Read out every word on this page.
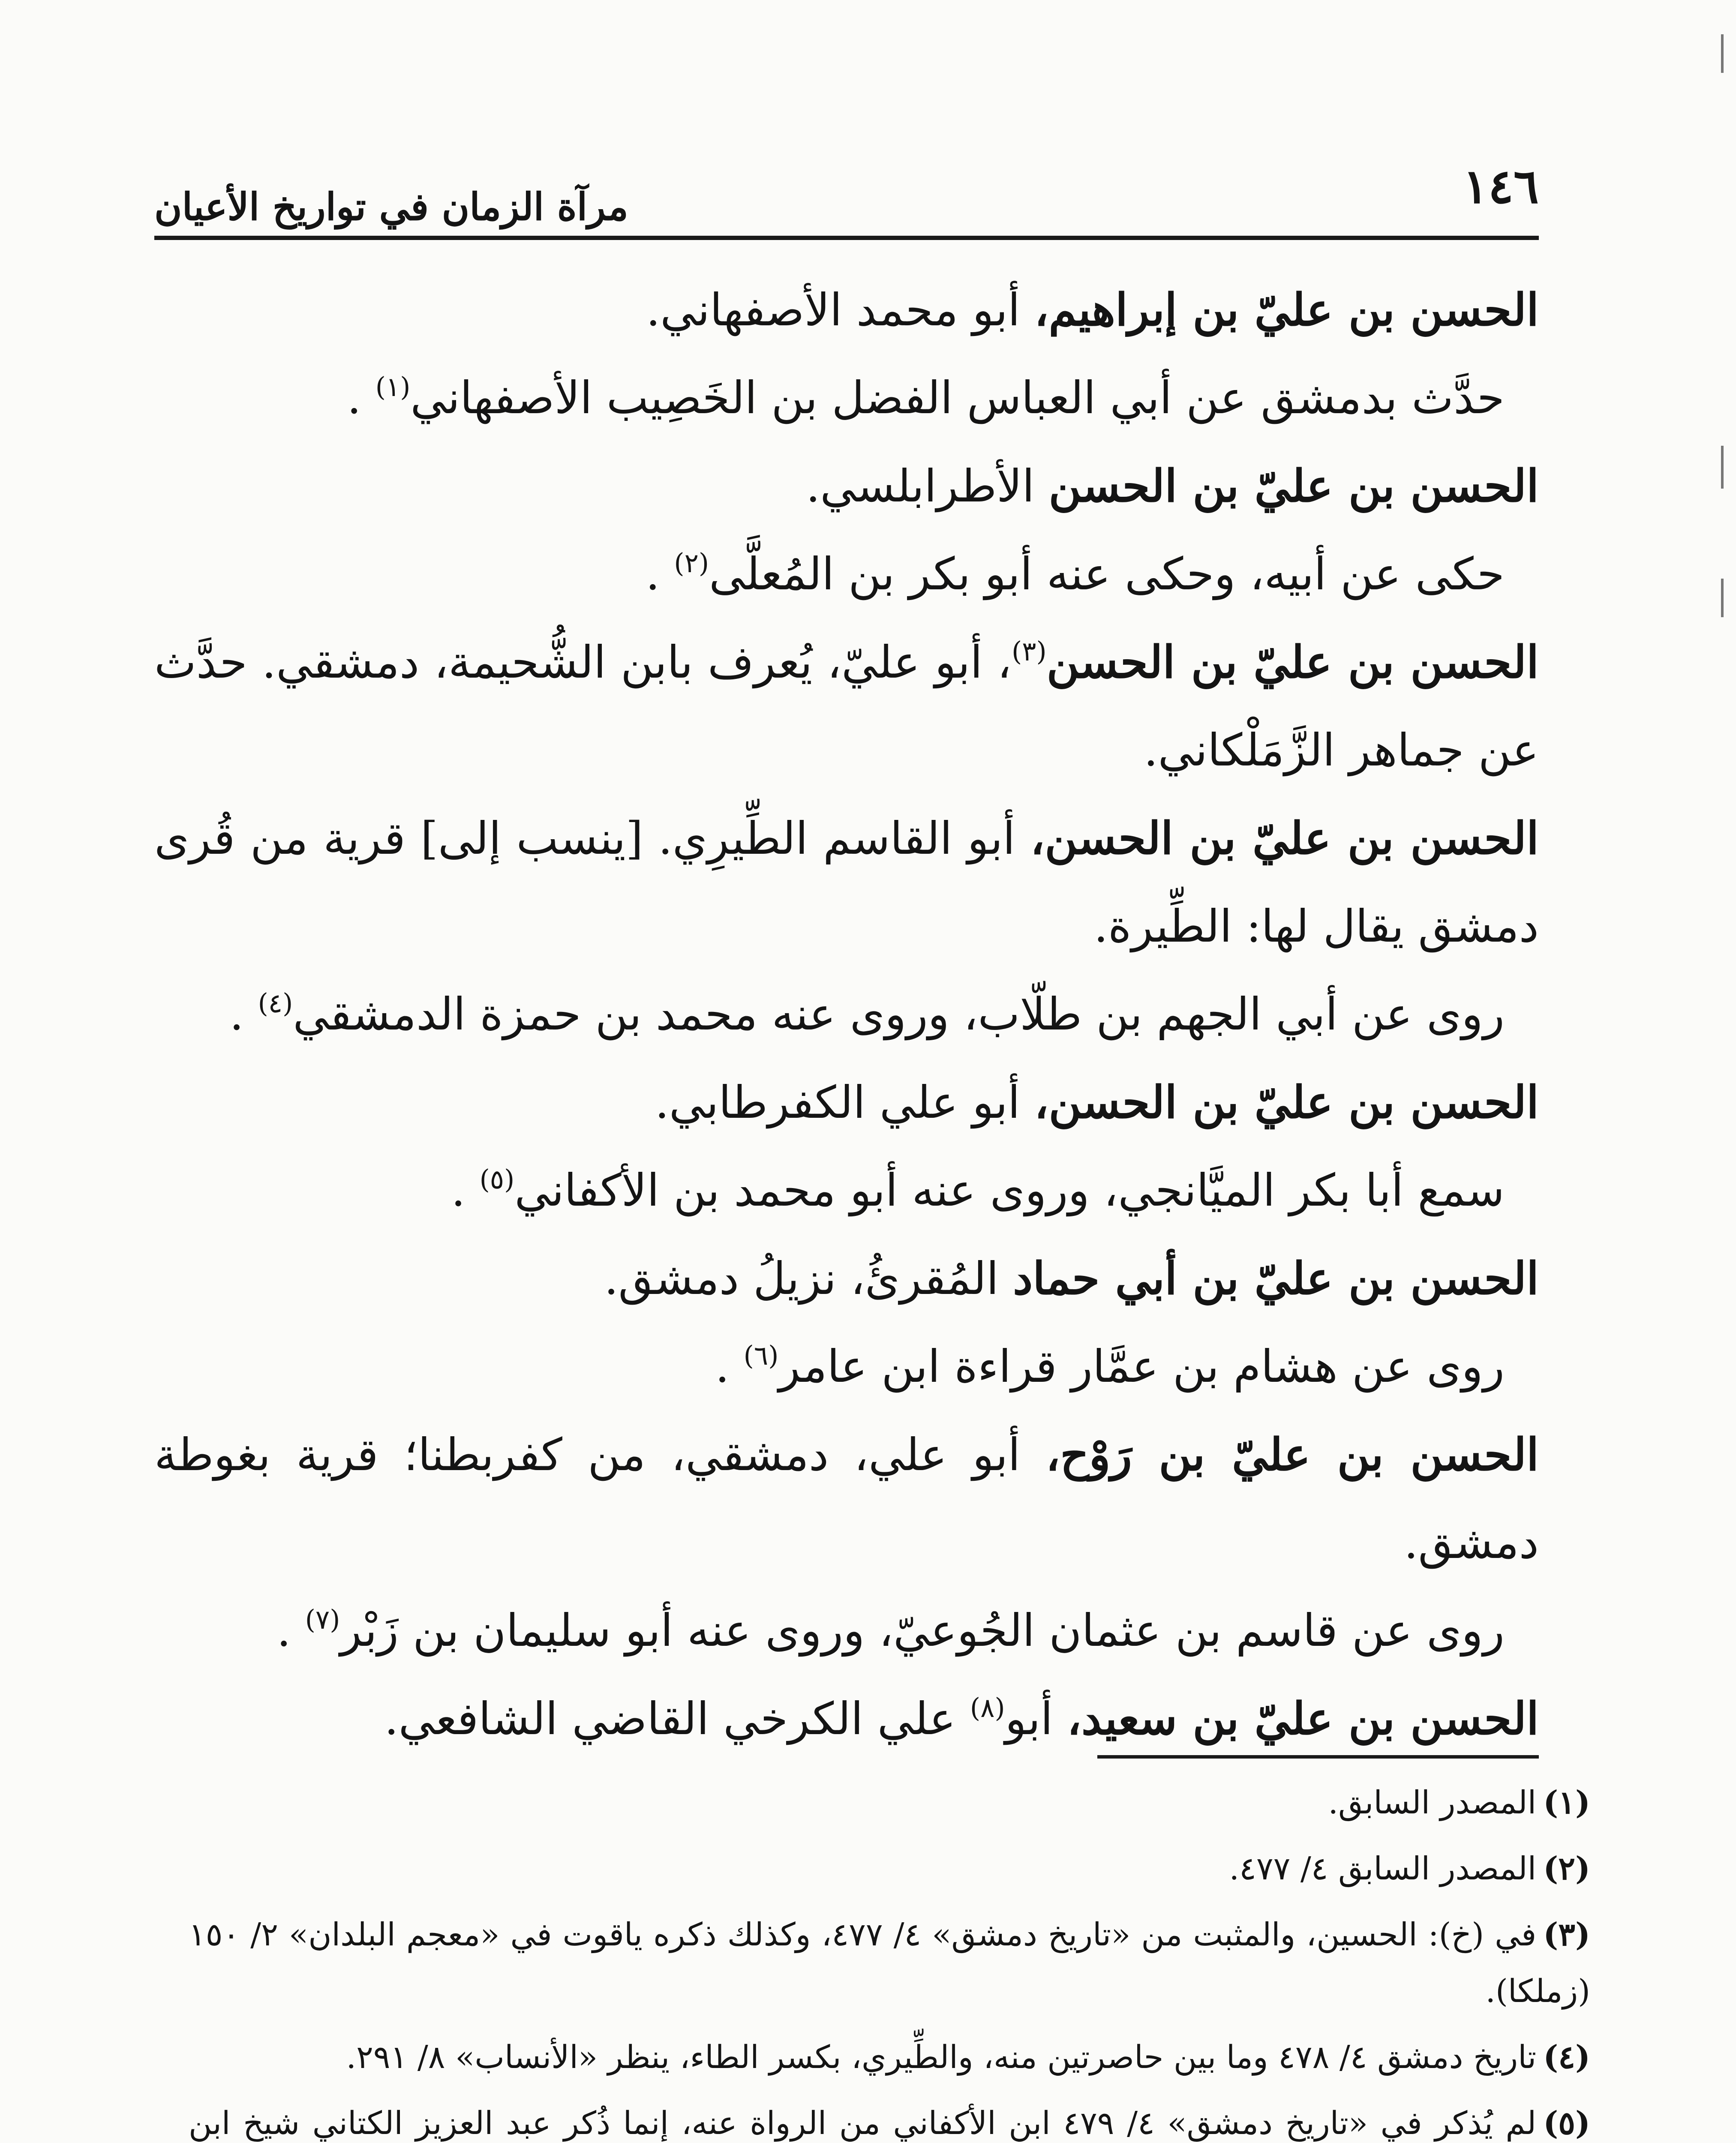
١٤٦
مرآة الزمان في تواريخ الأعيان

الحسن بن عليّ بن إبراهيم، أبو محمد الأصفهاني.

حدَّث بدمشق عن أبي العباس الفضل بن الخَصِيب الأصفهاني$^{(١)}$ .

الحسن بن عليّ بن الحسن الأطرابلسي.

حكى عن أبيه، وحكى عنه أبو بكر بن المُعلَّى$^{(٢)}$ .

الحسن بن عليّ بن الحسن$^{(٣)}$، أبو عليّ، يُعرف بابن الشُّحيمة، دمشقي. حدَّث عن جماهر الزَّمَلْكاني.

الحسن بن عليّ بن الحسن، أبو القاسم الطِّيرِي. [ينسب إلى] قرية من قُرى دمشق يقال لها: الطِّيرة.

روى عن أبي الجهم بن طلّاب، وروى عنه محمد بن حمزة الدمشقي$^{(٤)}$ .

الحسن بن عليّ بن الحسن، أبو علي الكفرطابي.

سمع أبا بكر الميَّانجي، وروى عنه أبو محمد بن الأكفاني$^{(٥)}$ .

الحسن بن عليّ بن أبي حماد المُقرئُ، نزيلُ دمشق.

روى عن هشام بن عمَّار قراءة ابن عامر$^{(٦)}$ .

الحسن بن عليّ بن رَوْح، أبو علي، دمشقي، من كفربطنا؛ قرية بغوطة دمشق.

روى عن قاسم بن عثمان الجُوعيّ، وروى عنه أبو سليمان بن زَبْر$^{(٧)}$ .

الحسن بن عليّ بن سعيد، أبو$^{(٨)}$ علي الكرخي القاضي الشافعي.

(١)المصدر السابق.

(٢)المصدر السابق ٤/ ٤٧٧.

(٣)في (خ): الحسين، والمثبت من «تاريخ دمشق» ٤/ ٤٧٧، وكذلك ذكره ياقوت في «معجم البلدان» ٢/ ١٥٠ (زملكا).

(٤)تاريخ دمشق ٤/ ٤٧٨ وما بين حاصرتين منه، والطِّيري، بكسر الطاء، ينظر «الأنساب» ٨/ ٢٩١.

(٥)لم يُذكر في «تاريخ دمشق» ٤/ ٤٧٩ ابن الأكفاني من الرواة عنه، إنما ذُكر عبد العزيز الكتاني شيخ ابن
